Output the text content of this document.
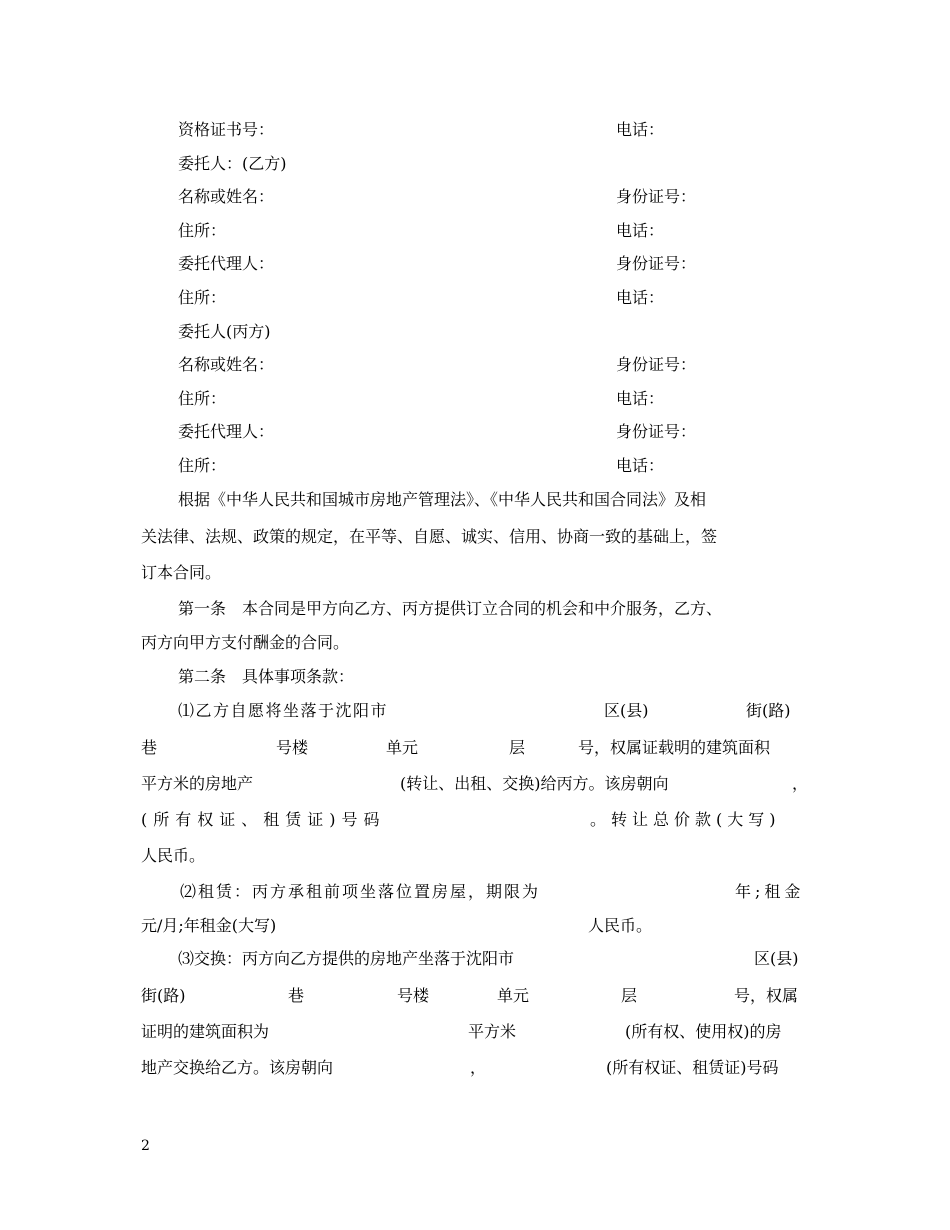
资格证书号：	电话：
委托人：(乙方)
名称或姓名：	身份证号：
住所：	电话：
委托代理人：	身份证号：
住所：	电话：
委托人(丙方)
名称或姓名：	身份证号：
住所：	电话：
委托代理人：	身份证号：
住所：	电话：
根据《中华人民共和国城市房地产管理法》、《中华人民共和国合同法》及相
关法律、法规、政策的规定，在平等、自愿、诚实、信用、协商一致的基础上，签
订本合同。
第一条　本合同是甲方向乙方、丙方提供订立合同的机会和中介服务，乙方、
丙方向甲方支付酬金的合同。
第二条　具体事项条款：
⑴乙方自愿将坐落于沈阳市	区(县)	街(路)
巷	号楼	单元	层	号，权属证载明的建筑面积
平方米的房地产	(转让、出租、交换)给丙方。该房朝向	，
(所有权证、租赁证)号码	。转让总价款(大写)
人民币。
⑵租赁：丙方承租前项坐落位置房屋，期限为	年;租金
元/月;年租金(大写)	人民币。
⑶交换：丙方向乙方提供的房地产坐落于沈阳市	区(县)
街(路)	巷	号楼	单元	层	号，权属
证明的建筑面积为	平方米	(所有权、使用权)的房
地产交换给乙方。该房朝向	，	(所有权证、租赁证)号码
2
